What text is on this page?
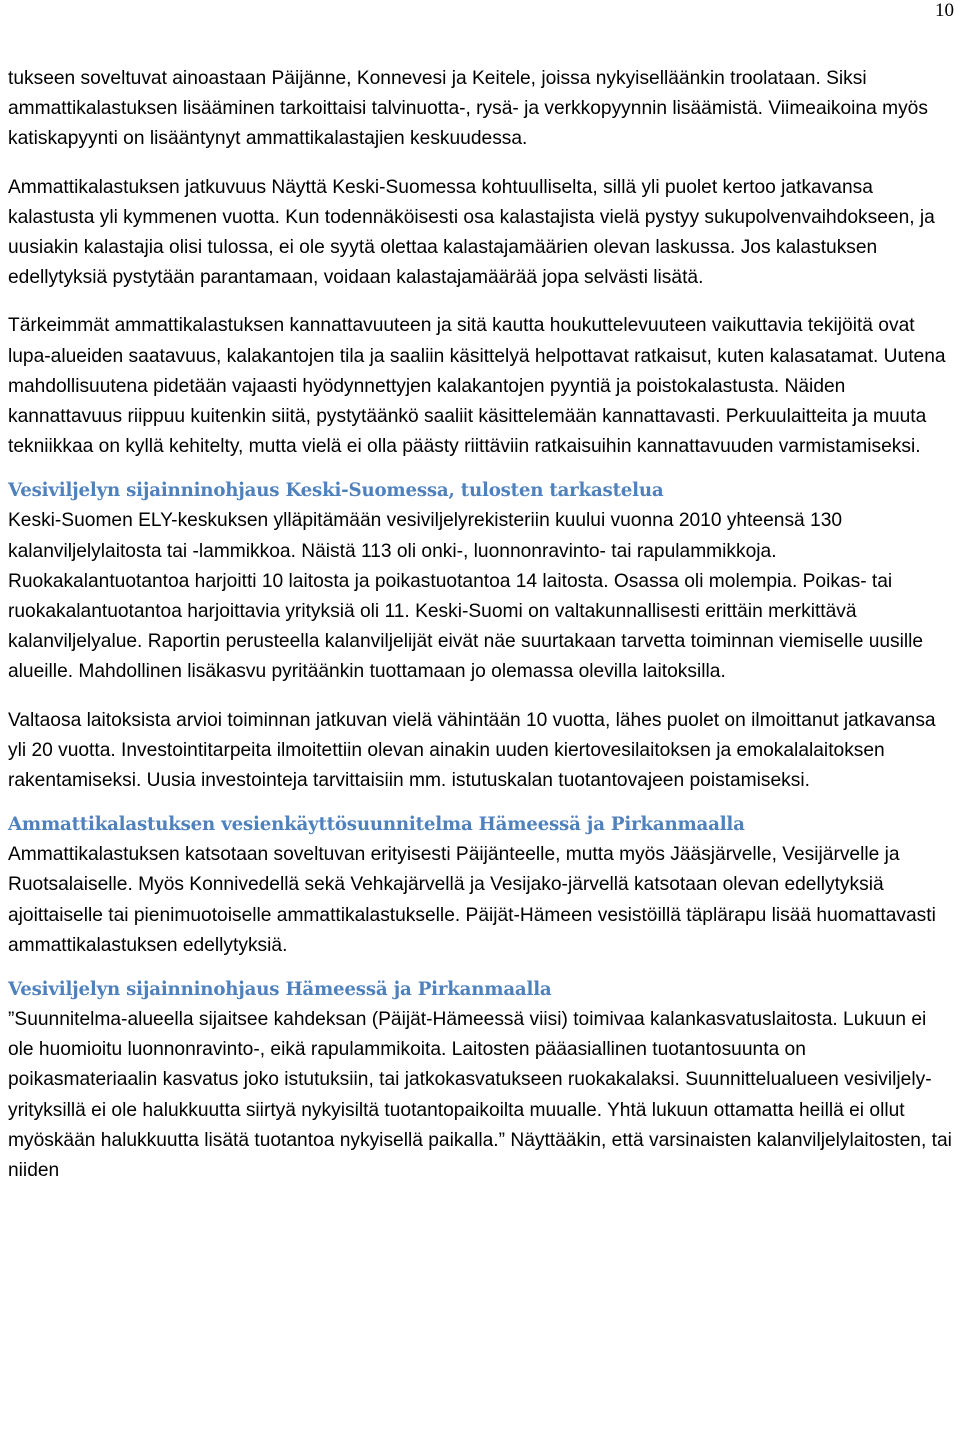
10

tukseen soveltuvat ainoastaan Päijänne, Konnevesi ja Keitele, joissa nykyiselläänkin troolataan. Siksi ammattikalastuksen lisääminen tarkoittaisi talvinuotta-, rysä- ja verkkopyynnin lisäämistä. Viimeaikoina myös katiskapyynti on lisääntynyt ammattikalastajien keskuudessa.

Ammattikalastuksen jatkuvuus Näyttä Keski-Suomessa kohtuulliselta, sillä yli puolet kertoo jatkavansa kalastusta yli kymmenen vuotta. Kun todennäköisesti osa kalastajista vielä pystyy sukupolvenvaihdokseen, ja uusiakin kalastajia olisi tulossa, ei ole syytä olettaa kalastajamäärien olevan laskussa. Jos kalastuksen edellytyksiä pystytään parantamaan, voidaan kalastajamäärää jopa selvästi lisätä.

Tärkeimmät ammattikalastuksen kannattavuuteen ja sitä kautta houkuttelevuuteen vaikuttavia tekijöitä ovat lupa-alueiden saatavuus, kalakantojen tila ja saaliin käsittelyä helpottavat ratkaisut, kuten kalasatamat. Uutena mahdollisuutena pidetään vajaasti hyödynnettyjen kalakantojen pyyntiä ja poistokalastusta. Näiden kannattavuus riippuu kuitenkin siitä, pystytäänkö saaliit käsittelemään kannattavasti. Perkuulaitteita ja muuta tekniikkaa on kyllä kehitelty, mutta vielä ei olla päästy riittäviin ratkaisuihin kannattavuuden varmistamiseksi.

Vesiviljelyn sijainninohjaus Keski-Suomessa, tulosten tarkastelua

Keski-Suomen ELY-keskuksen ylläpitämään vesiviljelyrekisteriin kuului vuonna 2010 yhteensä 130 kalanviljelylaitosta tai -lammikkoa. Näistä 113 oli onki-, luonnonravinto- tai rapulammikkoja. Ruokakalantuotantoa harjoitti 10 laitosta ja poikastuotantoa 14 laitosta. Osassa oli molempia. Poikas- tai ruokakalantuotantoa harjoittavia yrityksiä oli 11. Keski-Suomi on valtakunnallisesti erittäin merkittävä kalanviljelyalue. Raportin perusteella kalanviljelijät eivät näe suurtakaan tarvetta toiminnan viemiselle uusille alueille. Mahdollinen lisäkasvu pyritäänkin tuottamaan jo olemassa olevilla laitoksilla.

Valtaosa laitoksista arvioi toiminnan jatkuvan vielä vähintään 10 vuotta, lähes puolet on ilmoittanut jatkavansa yli 20 vuotta. Investointitarpeita ilmoitettiin olevan ainakin uuden kiertovesilaitoksen ja emokalalaitoksen rakentamiseksi. Uusia investointeja tarvittaisiin mm. istutuskalan tuotantovajeen poistamiseksi.

Ammattikalastuksen vesienkäyttösuunnitelma Hämeessä ja Pirkanmaalla

Ammattikalastuksen katsotaan soveltuvan erityisesti Päijänteelle, mutta myös Jääsjärvelle, Vesijärvelle ja Ruotsalaiselle. Myös Konnivedellä sekä Vehkajärvellä ja Vesijako-järvellä katsotaan olevan edellytyksiä ajoittaiselle tai pienimuotoiselle ammattikalastukselle. Päijät-Hämeen vesistöillä täplärapu lisää huomattavasti ammattikalastuksen edellytyksiä.

Vesiviljelyn sijainninohjaus Hämeessä ja Pirkanmaalla

”Suunnitelma-alueella sijaitsee kahdeksan (Päijät-Hämeessä viisi) toimivaa kalankasvatuslaitosta. Lukuun ei ole huomioitu luonnonravinto-, eikä rapulammikoita. Laitosten pääasiallinen tuotantosuunta on poikasmateriaalin kasvatus joko istutuksiin, tai jatkokasvatukseen ruokakalaksi. Suunnittelualueen vesiviljely-yrityksillä ei ole halukkuutta siirtyä nykyisiltä tuotantopaikoilta muualle. Yhtä lukuun ottamatta heillä ei ollut myöskään halukkuutta lisätä tuotantoa nykyisellä paikalla.” Näyttääkin, että varsinaisten kalanviljelylaitosten, tai niiden
